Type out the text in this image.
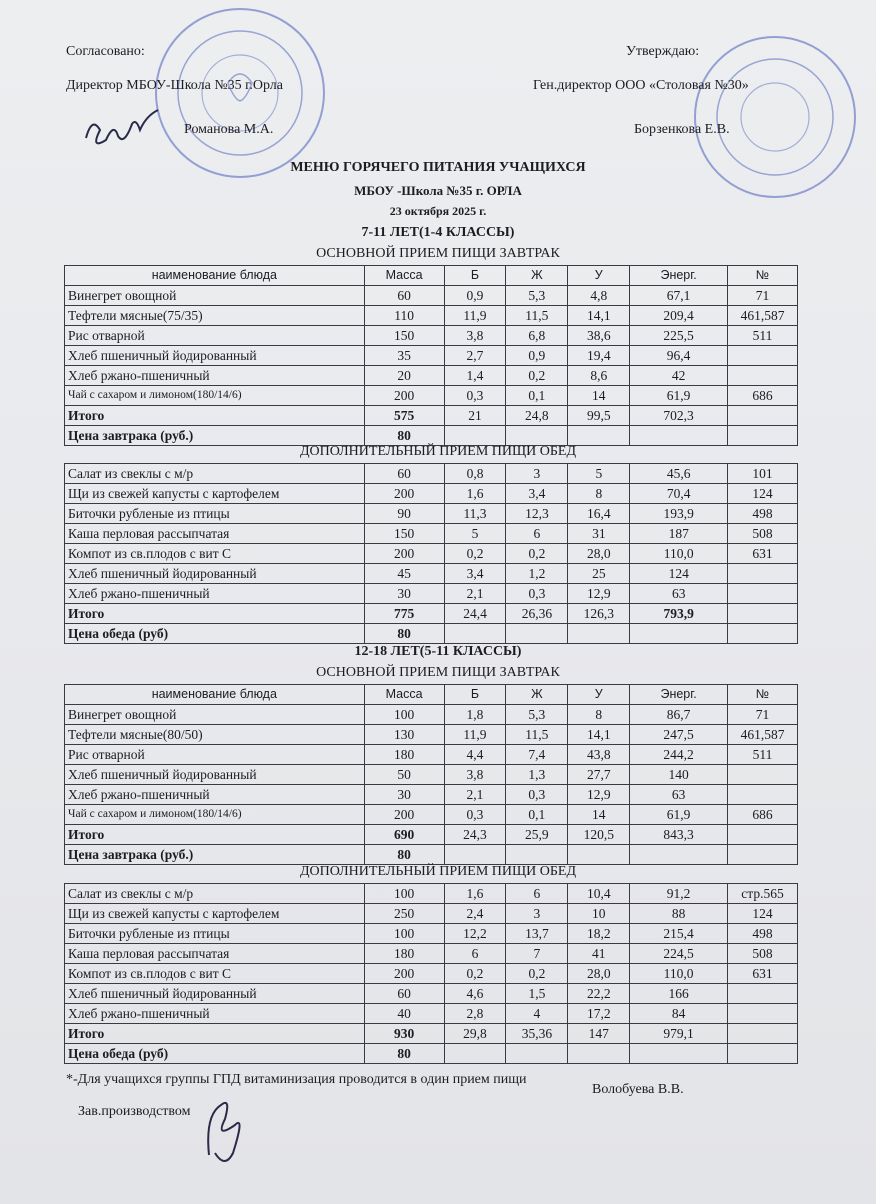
Согласовано:
Директор МБОУ-Школа №35 г.Орла
Романова М.А.
Утверждаю:
Ген.директор ООО «Столовая №30»
Борзенкова Е.В.
МЕНЮ ГОРЯЧЕГО ПИТАНИЯ УЧАЩИХСЯ
МБОУ -Школа №35 г. ОРЛА
23 октября 2025 г.
7-11 ЛЕТ(1-4 КЛАССЫ)
ОСНОВНОЙ ПРИЕМ ПИЩИ ЗАВТРАК
наименование блюда	Масса	Б	Ж	У	Энерг.	№
Винегрет овощной	60	0,9	5,3	4,8	67,1	71
Тефтели мясные(75/35)	110	11,9	11,5	14,1	209,4	461,587
Рис отварной	150	3,8	6,8	38,6	225,5	511
Хлеб пшеничный йодированный	35	2,7	0,9	19,4	96,4	
Хлеб ржано-пшеничный	20	1,4	0,2	8,6	42	
Чай с сахаром и лимоном(180/14/6)	200	0,3	0,1	14	61,9	686
Итого	575	21	24,8	99,5	702,3	
Цена завтрака (руб.)	80					
ДОПОЛНИТЕЛЬНЫЙ ПРИЕМ ПИЩИ ОБЕД
Салат из свеклы с м/р	60	0,8	3	5	45,6	101
Щи из свежей капусты с картофелем	200	1,6	3,4	8	70,4	124
Биточки рубленые из птицы	90	11,3	12,3	16,4	193,9	498
Каша перловая рассыпчатая	150	5	6	31	187	508
Компот из св.плодов с вит С	200	0,2	0,2	28,0	110,0	631
Хлеб пшеничный йодированный	45	3,4	1,2	25	124	
Хлеб ржано-пшеничный	30	2,1	0,3	12,9	63	
Итого	775	24,4	26,36	126,3	793,9	
Цена обеда (руб)	80					
12-18 ЛЕТ(5-11 КЛАССЫ)
ОСНОВНОЙ ПРИЕМ ПИЩИ ЗАВТРАК
наименование блюда	Масса	Б	Ж	У	Энерг.	№
Винегрет овощной	100	1,8	5,3	8	86,7	71
Тефтели мясные(80/50)	130	11,9	11,5	14,1	247,5	461,587
Рис отварной	180	4,4	7,4	43,8	244,2	511
Хлеб пшеничный йодированный	50	3,8	1,3	27,7	140	
Хлеб ржано-пшеничный	30	2,1	0,3	12,9	63	
Чай с сахаром и лимоном(180/14/6)	200	0,3	0,1	14	61,9	686
Итого	690	24,3	25,9	120,5	843,3	
Цена завтрака (руб.)	80					
ДОПОЛНИТЕЛЬНЫЙ ПРИЕМ ПИЩИ ОБЕД
Салат из свеклы с м/р	100	1,6	6	10,4	91,2	стр.565
Щи из свежей капусты с картофелем	250	2,4	3	10	88	124
Биточки рубленые из птицы	100	12,2	13,7	18,2	215,4	498
Каша перловая рассыпчатая	180	6	7	41	224,5	508
Компот из св.плодов с вит С	200	0,2	0,2	28,0	110,0	631
Хлеб пшеничный йодированный	60	4,6	1,5	22,2	166	
Хлеб ржано-пшеничный	40	2,8	4	17,2	84	
Итого	930	29,8	35,36	147	979,1	
Цена обеда (руб)	80					
*-Для учащихся группы ГПД витаминизация проводится в один прием пищи
Волобуева В.В.
Зав.производством
